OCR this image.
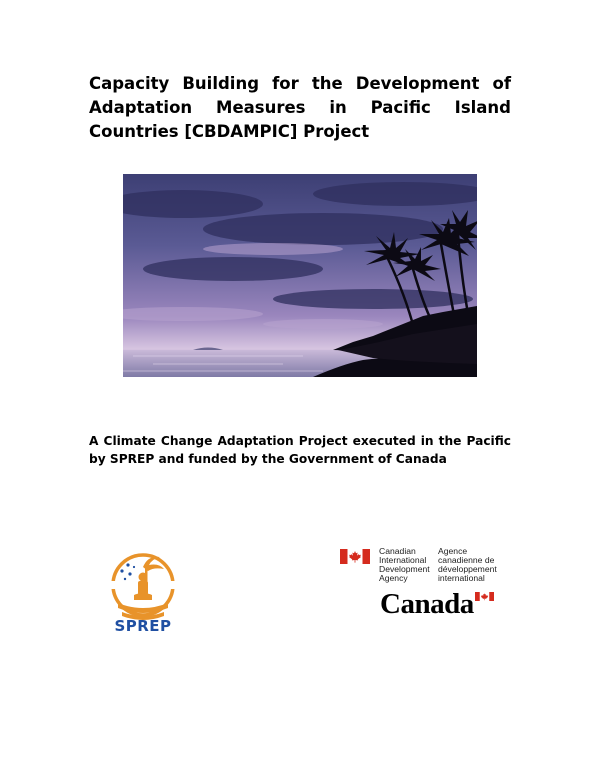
Capacity Building for the Development of Adaptation Measures in Pacific Island Countries [CBDAMPIC] Project

A Climate Change Adaptation Project executed in the Pacific by SPREP and funded by the Government of Canada

SPREP
Canadian
International
Development
Agency
Agence
canadienne de
développement
international
Canada
